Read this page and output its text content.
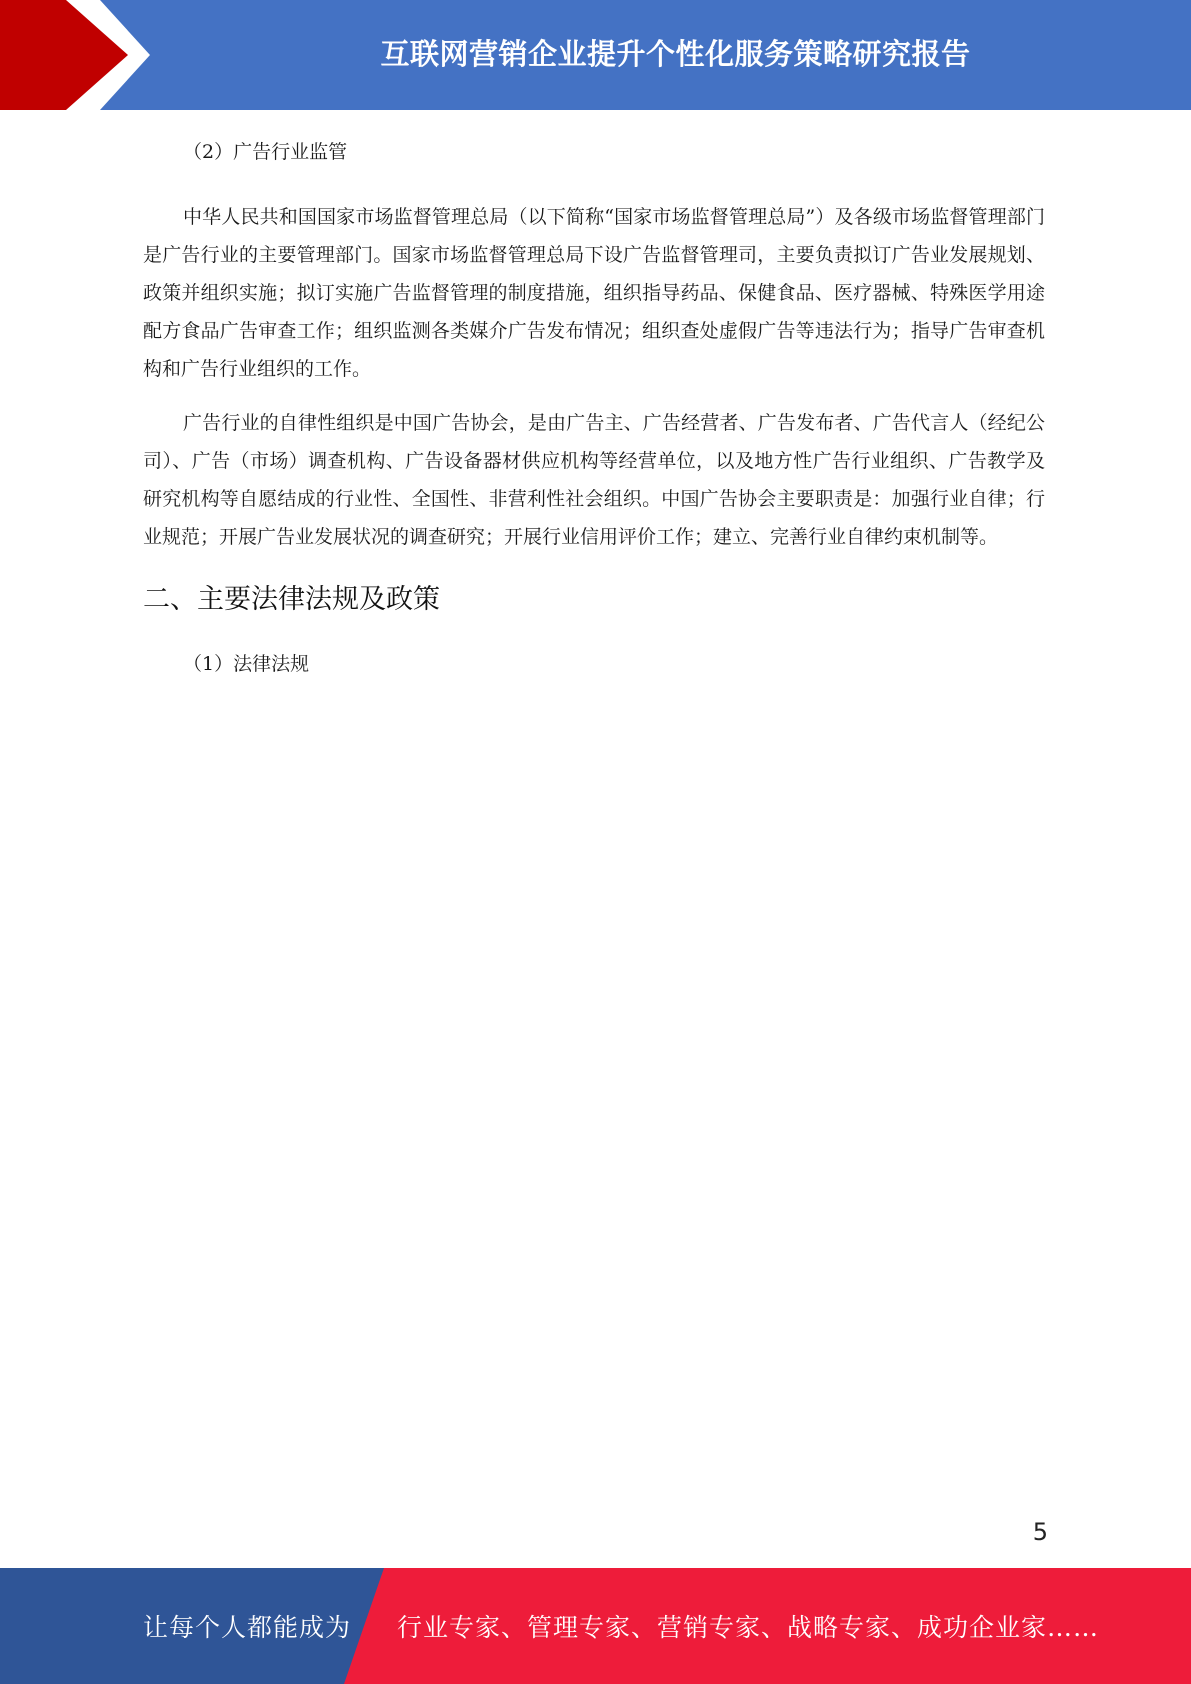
互联网营销企业提升个性化服务策略研究报告

（2）广告行业监管

中华人民共和国国家市场监督管理总局（以下简称“国家市场监督管理总局”）及各级市场监督管理部门是广告行业的主要管理部门。国家市场监督管理总局下设广告监督管理司，主要负责拟订广告业发展规划、政策并组织实施；拟订实施广告监督管理的制度措施，组织指导药品、保健食品、医疗器械、特殊医学用途配方食品广告审查工作；组织监测各类媒介广告发布情况；组织查处虚假广告等违法行为；指导广告审查机构和广告行业组织的工作。

广告行业的自律性组织是中国广告协会，是由广告主、广告经营者、广告发布者、广告代言人（经纪公司）、广告（市场）调查机构、广告设备器材供应机构等经营单位，以及地方性广告行业组织、广告教学及研究机构等自愿结成的行业性、全国性、非营利性社会组织。中国广告协会主要职责是：加强行业自律；行业规范；开展广告业发展状况的调查研究；开展行业信用评价工作；建立、完善行业自律约束机制等。

二、主要法律法规及政策

（1）法律法规

5
让每个人都能成为 行业专家、管理专家、营销专家、战略专家、成功企业家……
